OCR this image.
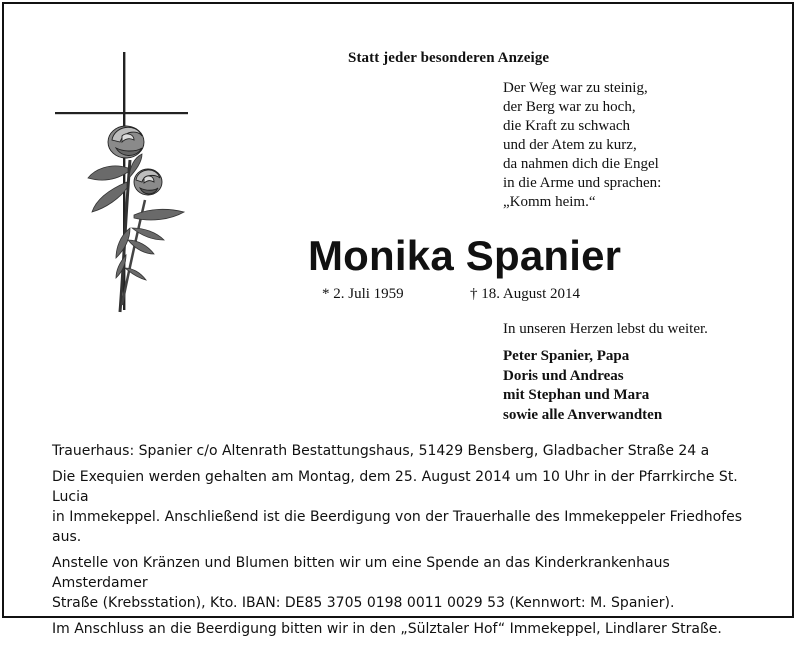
Statt jeder besonderen Anzeige
Der Weg war zu steinig,
der Berg war zu hoch,
die Kraft zu schwach
und der Atem zu kurz,
da nahmen dich die Engel
in die Arme und sprachen:
„Komm heim.“
Monika Spanier
* 2. Juli 1959	† 18. August 2014
In unseren Herzen lebst du weiter.
Peter Spanier, Papa
Doris und Andreas
mit Stephan und Mara
sowie alle Anverwandten

Trauerhaus: Spanier c/o Altenrath Bestattungshaus, 51429 Bensberg, Gladbacher Straße 24 a

Die Exequien werden gehalten am Montag, dem 25. August 2014 um 10 Uhr in der Pfarrkirche St. Lucia
in Immekeppel. Anschließend ist die Beerdigung von der Trauerhalle des Immekeppeler Friedhofes aus.

Anstelle von Kränzen und Blumen bitten wir um eine Spende an das Kinderkrankenhaus Amsterdamer
Straße (Krebsstation), Kto. IBAN: DE85 3705 0198 0011 0029 53 (Kennwort: M. Spanier).

Im Anschluss an die Beerdigung bitten wir in den „Sülztaler Hof“ Immekeppel, Lindlarer Straße.
